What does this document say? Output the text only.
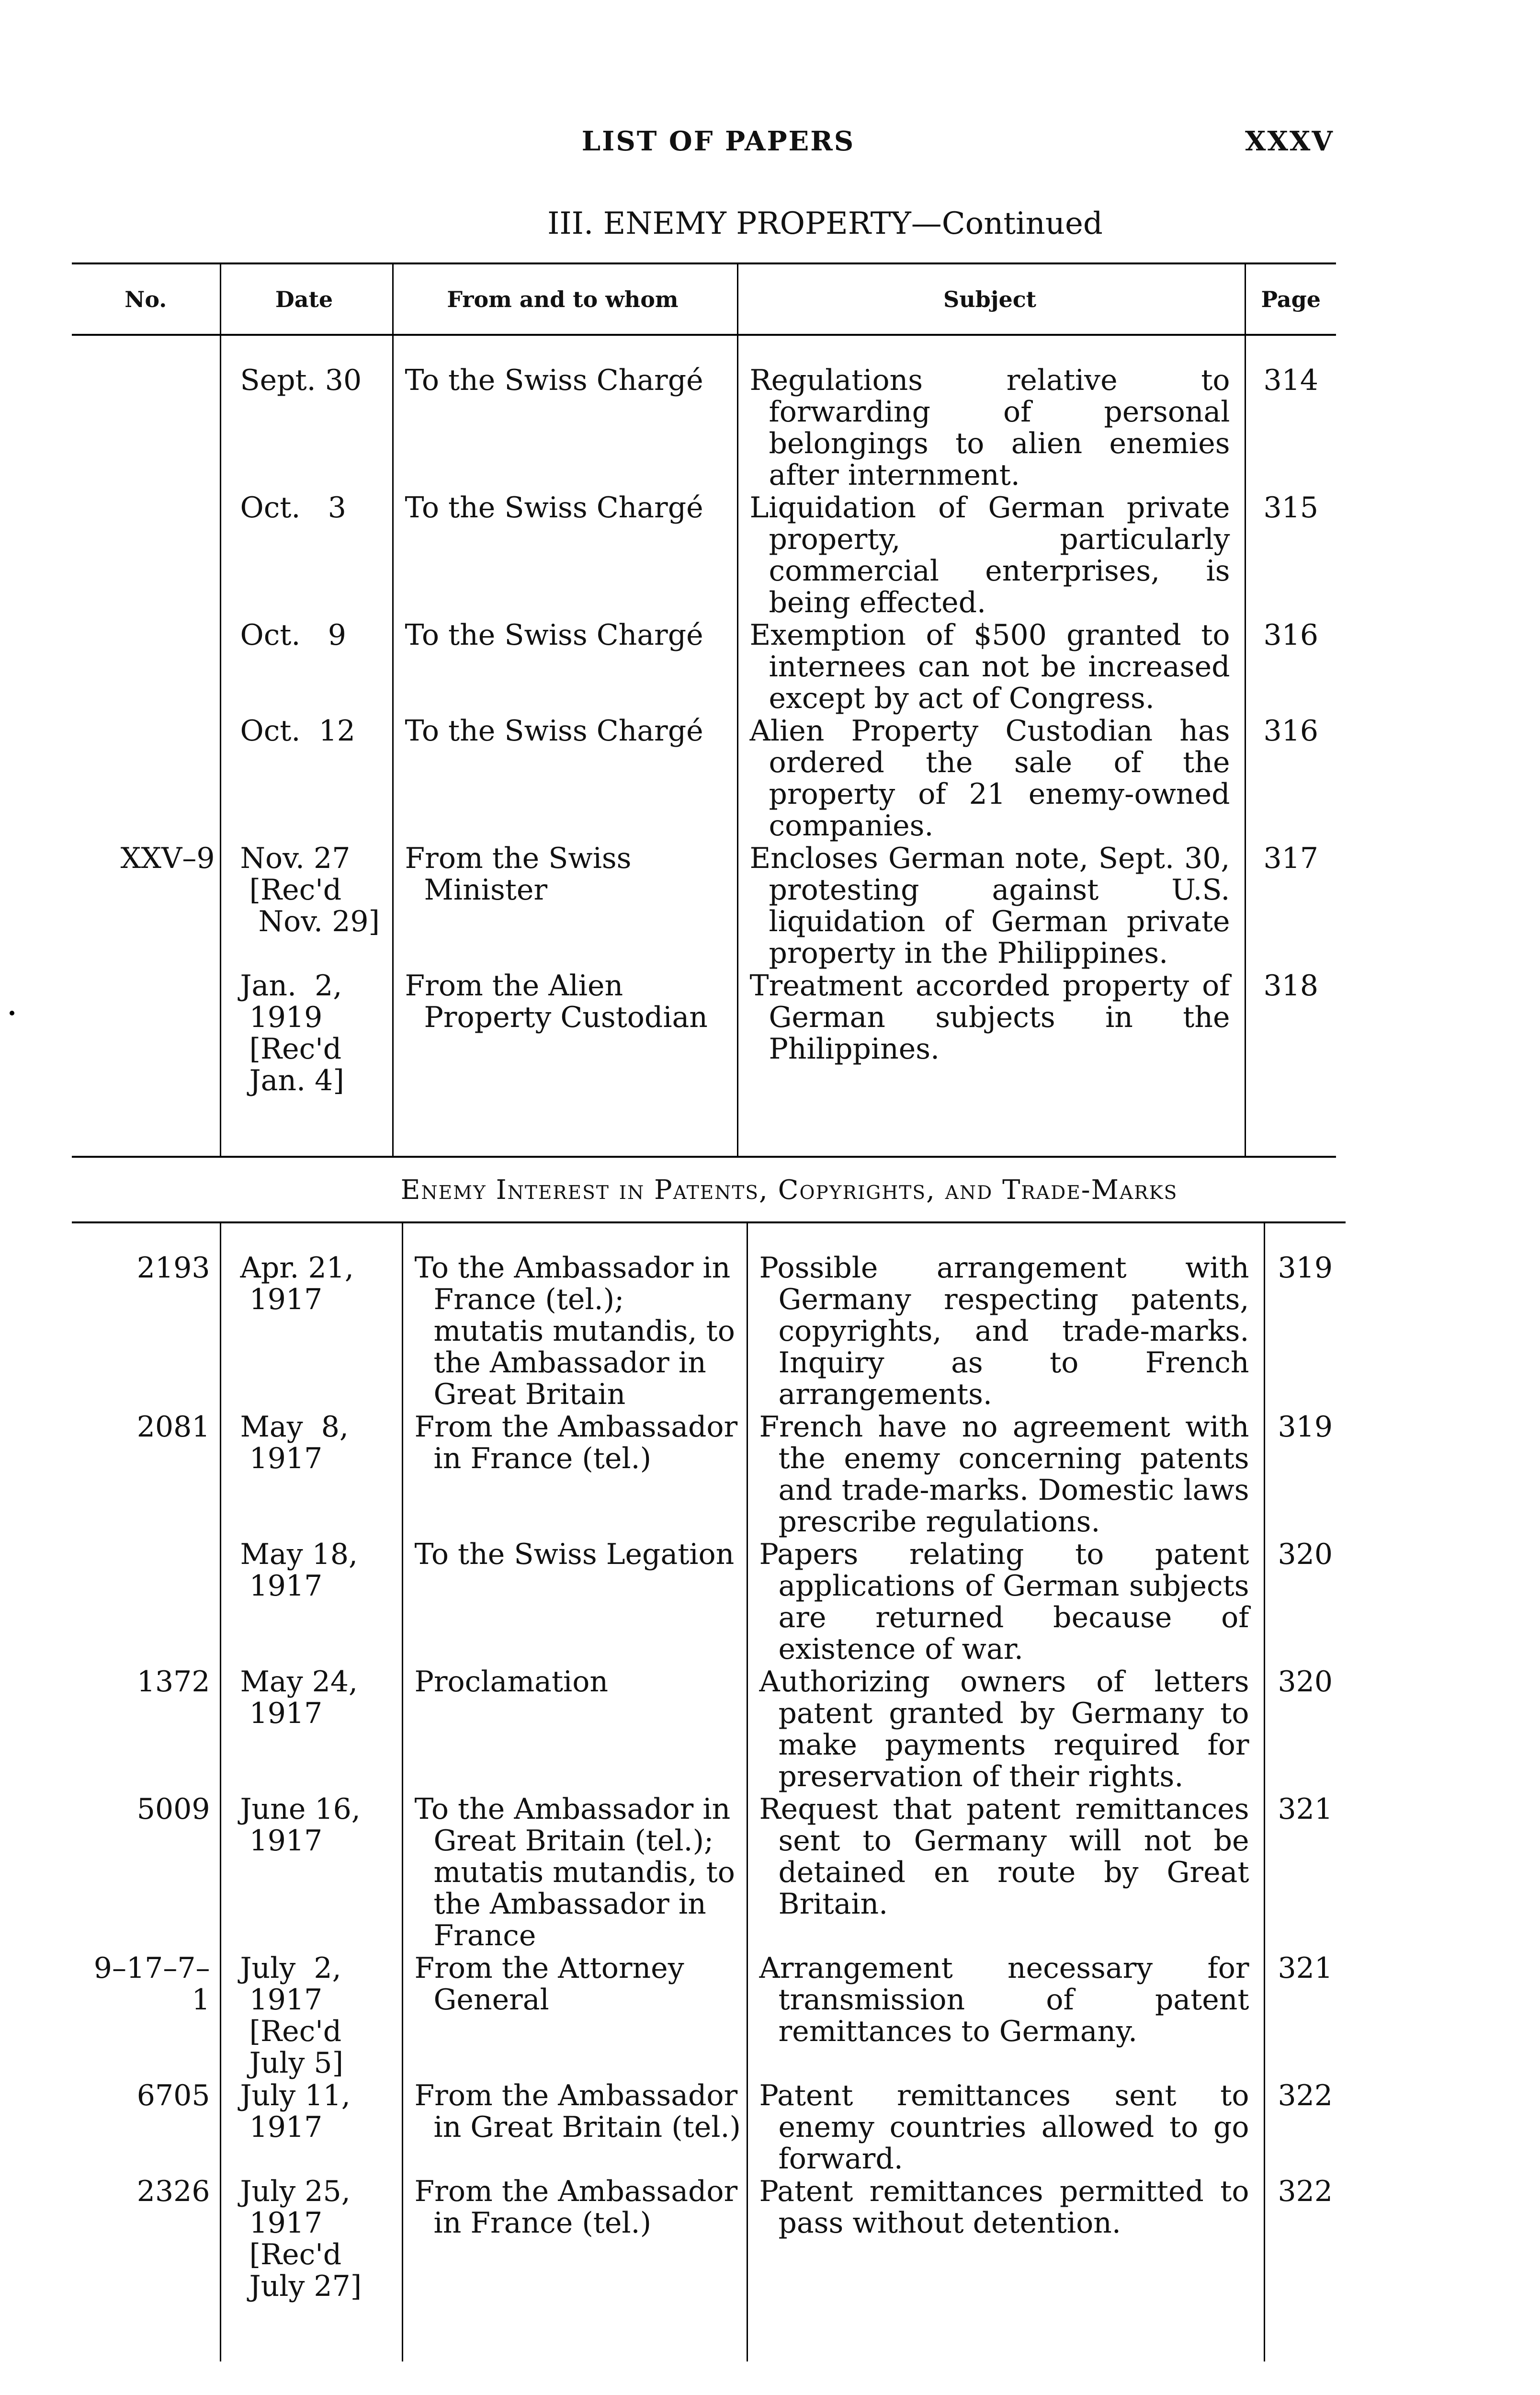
LIST OF PAPERS	XXXV
III. ENEMY PROPERTY—Continued
No.	Date	From and to whom	Subject	Page

	Sept. 30	To the Swiss Chargé	Regulations relative to forwarding of personal belongings to alien enemies after internment.	314

	Oct.   3	To the Swiss Chargé	Liquidation of German private property, particularly commercial enterprises, is being effected.	315

	Oct.   9	To the Swiss Chargé	Exemption of $500 granted to internees can not be increased except by act of Congress.	316

	Oct.  12	To the Swiss Chargé	Alien Property Custodian has ordered the sale of the property of 21 enemy-owned companies.	316
XXV–9	Nov. 27
[Rec'd
Nov. 29]	From the Swiss Minister	Encloses German note, Sept. 30, protesting against U.S. liquidation of German private property in the Philippines.	317

	Jan.  2,
1919
[Rec'd
Jan. 4]	From the Alien Property Custodian	Treatment accorded property of German subjects in the Philippines.	318

Enemy Interest in Patents, Copyrights, and Trade-Marks
2193	Apr. 21,
1917	To the Ambassador in France (tel.); mutatis mutandis, to the Ambassador in Great Britain	Possible arrangement with Germany respecting patents, copyrights, and trade-marks. Inquiry as to French arrangements.	319
2081	May  8,
1917	From the Ambassador in France (tel.)	French have no agreement with the enemy concerning patents and trade-marks. Domestic laws prescribe regulations.	319

	May 18,
1917	To the Swiss Legation	Papers relating to patent applications of German subjects are returned because of existence of war.	320
1372	May 24,
1917	Proclamation	Authorizing owners of letters patent granted by Germany to make payments required for preservation of their rights.	320
5009	June 16,
1917	To the Ambassador in Great Britain (tel.); mutatis mutandis, to the Ambassador in France	Request that patent remittances sent to Germany will not be detained en route by Great Britain.	321
9–17–7–1	July  2,
1917
[Rec'd
July 5]	From the Attorney General	Arrangement necessary for transmission of patent remittances to Germany.	321
6705	July 11,
1917	From the Ambassador in Great Britain (tel.)	Patent remittances sent to enemy countries allowed to go forward.	322
2326	July 25,
1917
[Rec'd
July 27]	From the Ambassador in France (tel.)	Patent remittances permitted to pass without detention.	322
